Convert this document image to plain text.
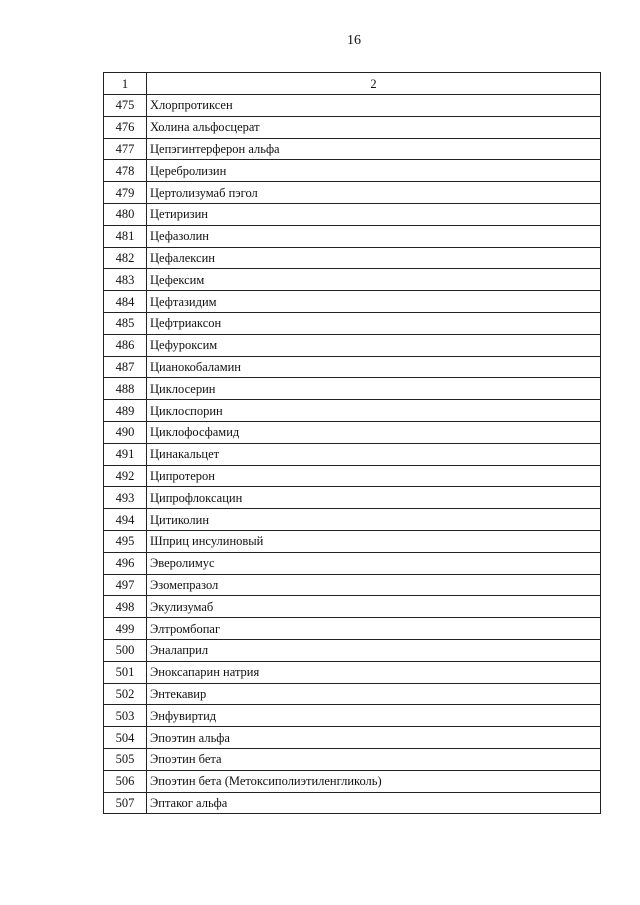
16
1	2
475	Хлорпротиксен
476	Холина альфосцерат
477	Цепэгинтерферон альфа
478	Церебролизин
479	Цертолизумаб пэгол
480	Цетиризин
481	Цефазолин
482	Цефалексин
483	Цефексим
484	Цефтазидим
485	Цефтриаксон
486	Цефуроксим
487	Цианокобаламин
488	Циклосерин
489	Циклоспорин
490	Циклофосфамид
491	Цинакальцет
492	Ципротерон
493	Ципрофлоксацин
494	Цитиколин
495	Шприц инсулиновый
496	Эверолимус
497	Эзомепразол
498	Экулизумаб
499	Элтромбопаг
500	Эналаприл
501	Эноксапарин натрия
502	Энтекавир
503	Энфувиртид
504	Эпоэтин альфа
505	Эпоэтин бета
506	Эпоэтин бета (Метоксиполиэтиленгликоль)
507	Эптаког альфа
